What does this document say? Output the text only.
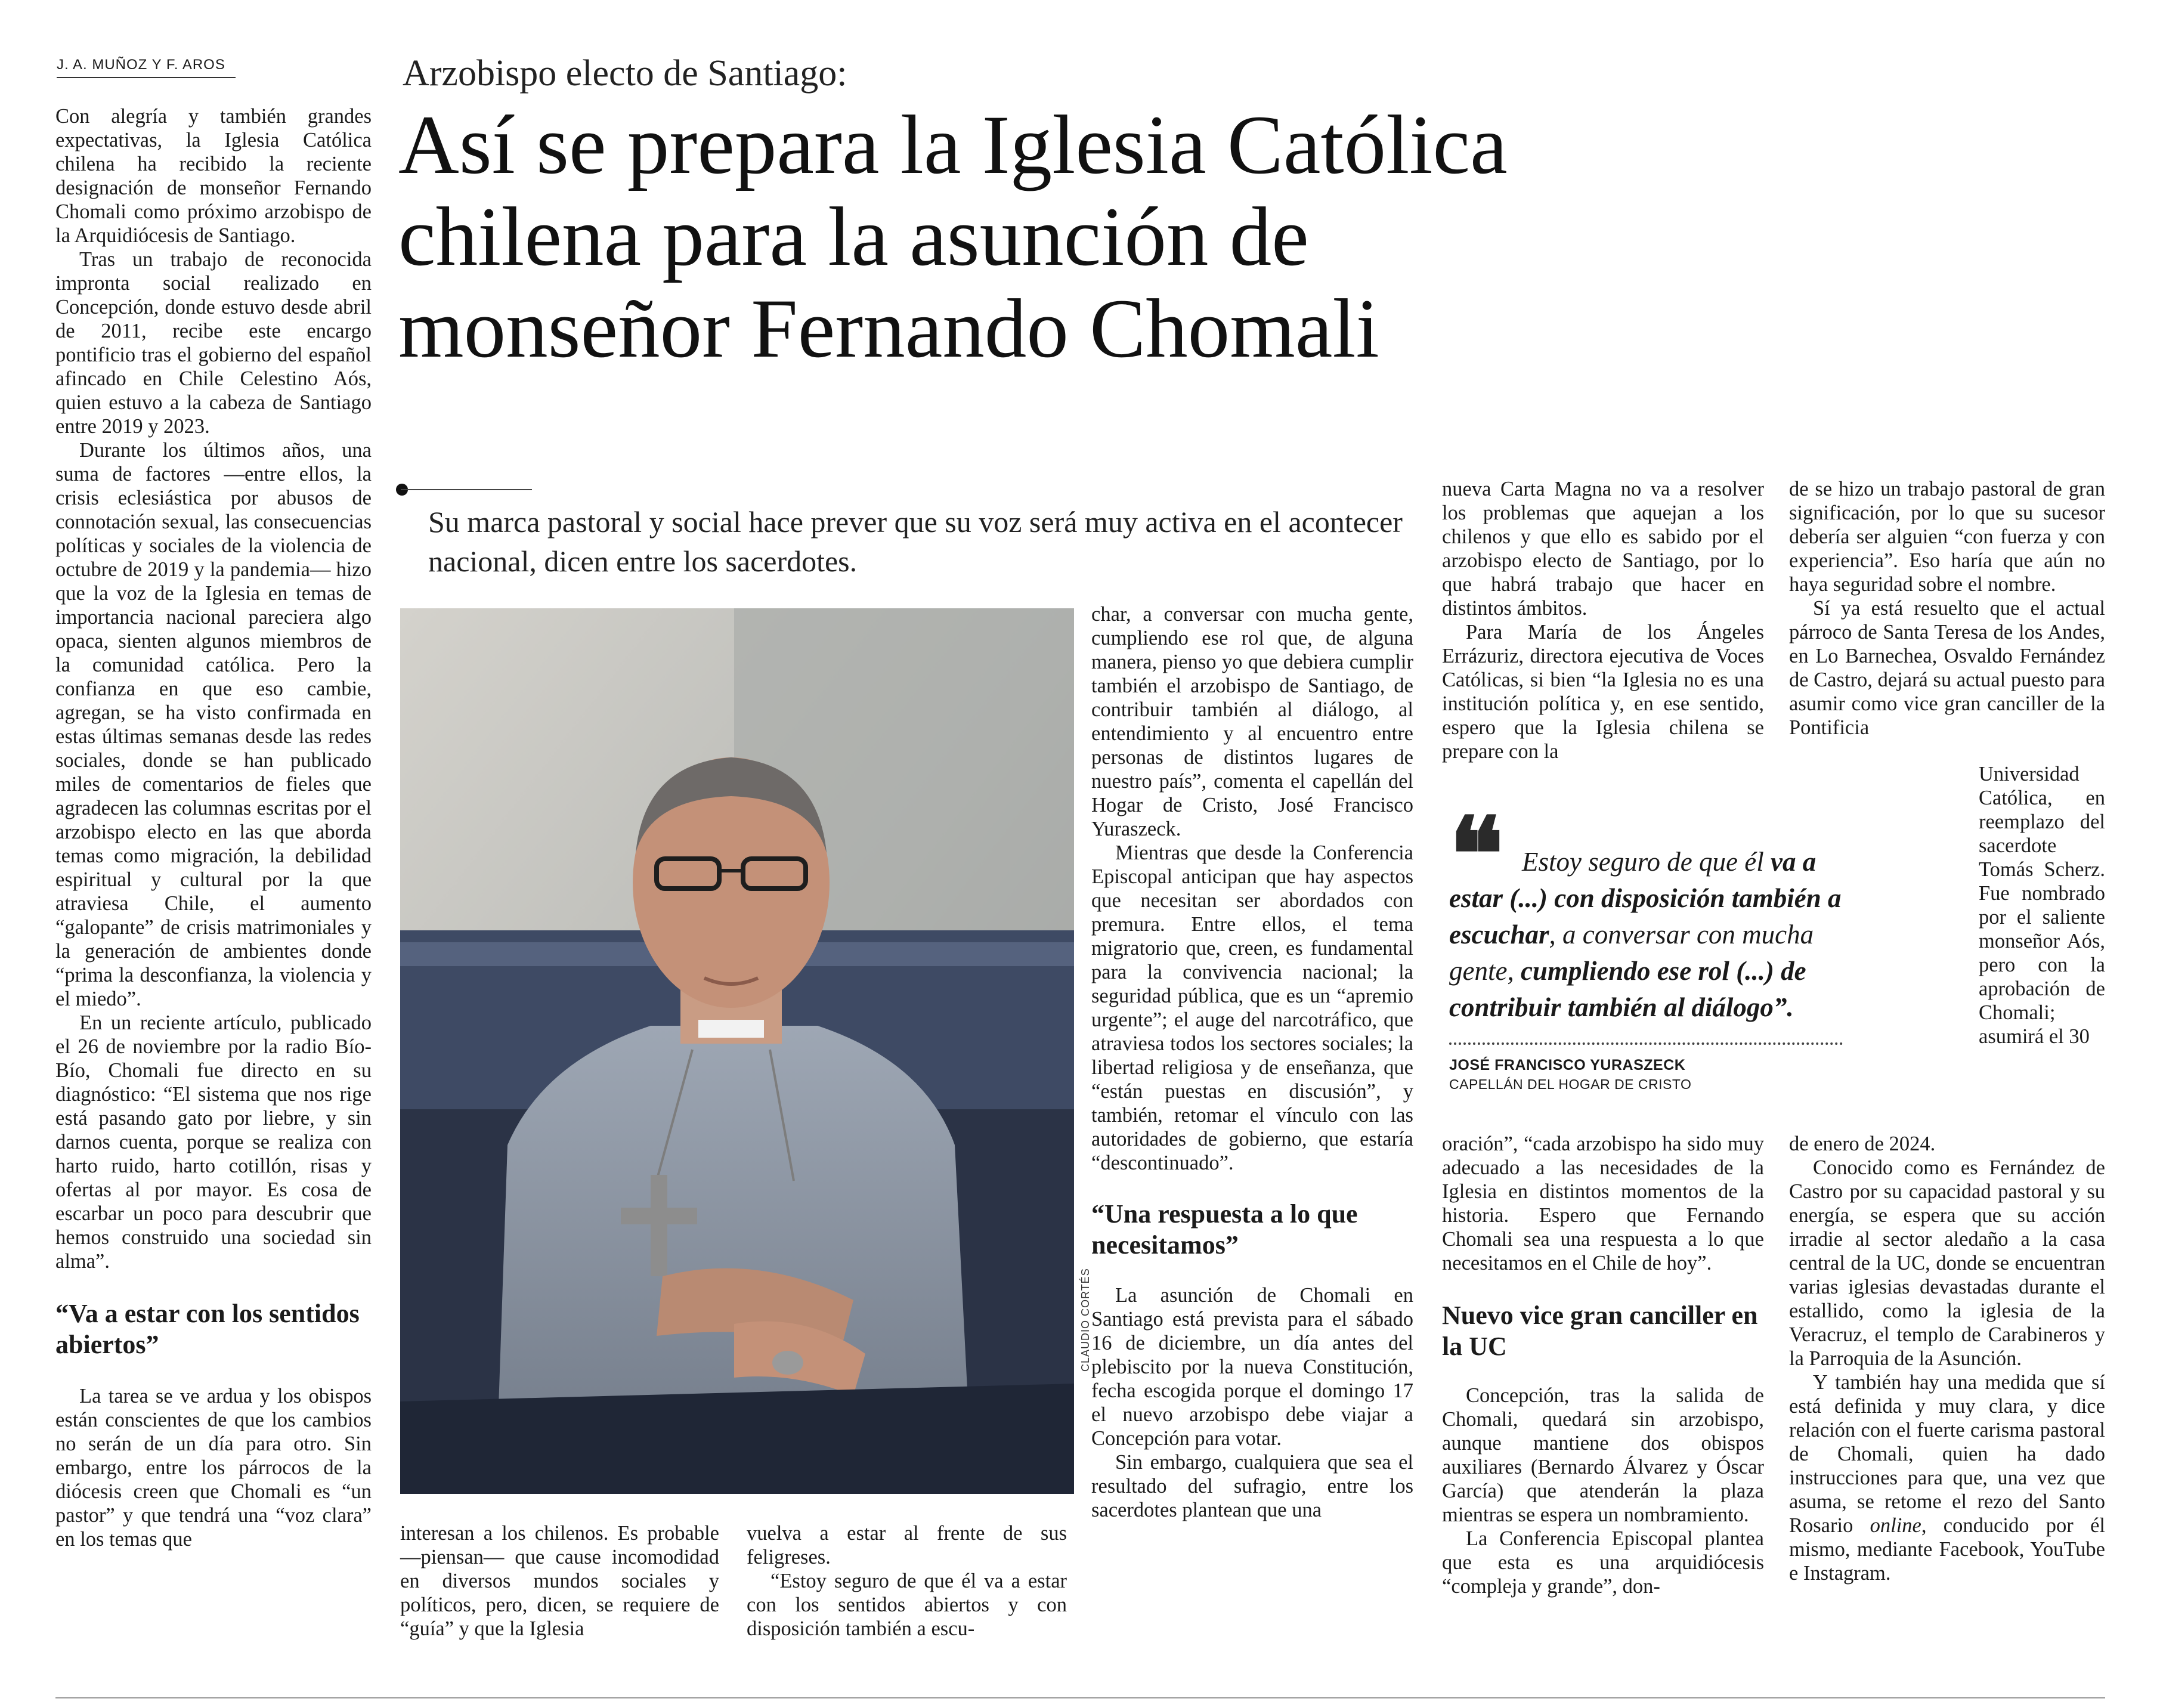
J. A. MUÑOZ Y F. AROS	Arzobispo electo de Santiago:
Así se prepara la Iglesia Católica
chilena para la asunción de
monseñor Fernando Chomali
Su marca pastoral y social hace prever que su voz será muy activa en el acontecer nacional, dicen entre los sacerdotes.

Con alegría y también grandes expectativas, la Iglesia Católica chilena ha recibido la reciente designación de monseñor Fernando Chomali como próximo arzobispo de la Arquidiócesis de Santiago.

Tras un trabajo de reconocida impronta social realizado en Concepción, donde estuvo desde abril de 2011, recibe este encargo pontificio tras el gobierno del español afincado en Chile Celestino Aós, quien estuvo a la cabeza de Santiago entre 2019 y 2023.

Durante los últimos años, una suma de factores —entre ellos, la crisis eclesiástica por abusos de connotación sexual, las consecuencias políticas y sociales de la violencia de octubre de 2019 y la pandemia— hizo que la voz de la Iglesia en temas de importancia nacional pareciera algo opaca, sienten algunos miembros de la comunidad católica. Pero la confianza en que eso cambie, agregan, se ha visto confirmada en estas últimas semanas desde las redes sociales, donde se han publicado miles de comentarios de fieles que agradecen las columnas escritas por el arzobispo electo en las que aborda temas como migración, la debilidad espiritual y cultural por la que atraviesa Chile, el aumento “galopante” de crisis matrimoniales y la generación de ambientes donde “prima la desconfianza, la violencia y el miedo”.

En un reciente artículo, publicado el 26 de noviembre por la radio Bío-Bío, Chomali fue directo en su diagnóstico: “El sistema que nos rige está pasando gato por liebre, y sin darnos cuenta, porque se realiza con harto ruido, harto cotillón, risas y ofertas al por mayor. Es cosa de escarbar un poco para descubrir que hemos construido una sociedad sin alma”.

“Va a estar con los sentidos abiertos”

La tarea se ve ardua y los obispos están conscientes de que los cambios no serán de un día para otro. Sin embargo, entre los párrocos de la diócesis creen que Chomali es “un pastor” y que tendrá una “voz clara” en los temas que

CLAUDIO CORTÉS

interesan a los chilenos. Es probable —piensan— que cause incomodidad en diversos mundos sociales y políticos, pero, dicen, se requiere de “guía” y que la Iglesia

vuelva a estar al frente de sus feligreses.

“Estoy seguro de que él va a estar con los sentidos abiertos y con disposición también a escu-

char, a conversar con mucha gente, cumpliendo ese rol que, de alguna manera, pienso yo que debiera cumplir también el arzobispo de Santiago, de contribuir también al diálogo, al entendimiento y al encuentro entre personas de distintos lugares de nuestro país”, comenta el capellán del Hogar de Cristo, José Francisco Yuraszeck.

Mientras que desde la Conferencia Episcopal anticipan que hay aspectos que necesitan ser abordados con premura. Entre ellos, el tema migratorio que, creen, es fundamental para la convivencia nacional; la seguridad pública, que es un “apremio urgente”; el auge del narcotráfico, que atraviesa todos los sectores sociales; la libertad religiosa y de enseñanza, que “están puestas en discusión”, y también, retomar el vínculo con las autoridades de gobierno, que estaría “descontinuado”.

“Una respuesta a lo que necesitamos”

La asunción de Chomali en Santiago está prevista para el sábado 16 de diciembre, un día antes del plebiscito por la nueva Constitución, fecha escogida porque el domingo 17 el nuevo arzobispo debe viajar a Concepción para votar.

Sin embargo, cualquiera que sea el resultado del sufragio, entre los sacerdotes plantean que una

nueva Carta Magna no va a resolver los problemas que aquejan a los chilenos y que ello es sabido por el arzobispo electo de Santiago, por lo que habrá trabajo que hacer en distintos ámbitos.

Para María de los Ángeles Errázuriz, directora ejecutiva de Voces Católicas, si bien “la Iglesia no es una institución política y, en ese sentido, espero que la Iglesia chilena se prepare con la

❝ Estoy seguro de que él va a estar (...) con disposición también a escuchar, a conversar con mucha gente, cumpliendo ese rol (...) de contribuir también al diálogo”.
JOSÉ FRANCISCO YURASZECK
CAPELLÁN DEL HOGAR DE CRISTO

oración”, “cada arzobispo ha sido muy adecuado a las necesidades de la Iglesia en distintos momentos de la historia. Espero que Fernando Chomali sea una respuesta a lo que necesitamos en el Chile de hoy”.

Nuevo vice gran canciller en la UC

Concepción, tras la salida de Chomali, quedará sin arzobispo, aunque mantiene dos obispos auxiliares (Bernardo Álvarez y Óscar García) que atenderán la plaza mientras se espera un nombramiento.

La Conferencia Episcopal plantea que esta es una arquidiócesis “compleja y grande”, don-

de se hizo un trabajo pastoral de gran significación, por lo que su sucesor debería ser alguien “con fuerza y con experiencia”. Eso haría que aún no haya seguridad sobre el nombre.

Sí ya está resuelto que el actual párroco de Santa Teresa de los Andes, en Lo Barnechea, Osvaldo Fernández de Castro, dejará su actual puesto para asumir como vice gran canciller de la Pontificia

Universidad Católica, en reemplazo del sacerdote Tomás Scherz. Fue nombrado por el saliente monseñor Aós, pero con la aprobación de Chomali; asumirá el 30

de enero de 2024.

Conocido como es Fernández de Castro por su capacidad pastoral y su energía, se espera que su acción irradie al sector aledaño a la casa central de la UC, donde se encuentran varias iglesias devastadas durante el estallido, como la iglesia de la Veracruz, el templo de Carabineros y la Parroquia de la Asunción.

Y también hay una medida que sí está definida y muy clara, y dice relación con el fuerte carisma pastoral de Chomali, quien ha dado instrucciones para que, una vez que asuma, se retome el rezo del Santo Rosario online, conducido por él mismo, mediante Facebook, YouTube e Instagram.
